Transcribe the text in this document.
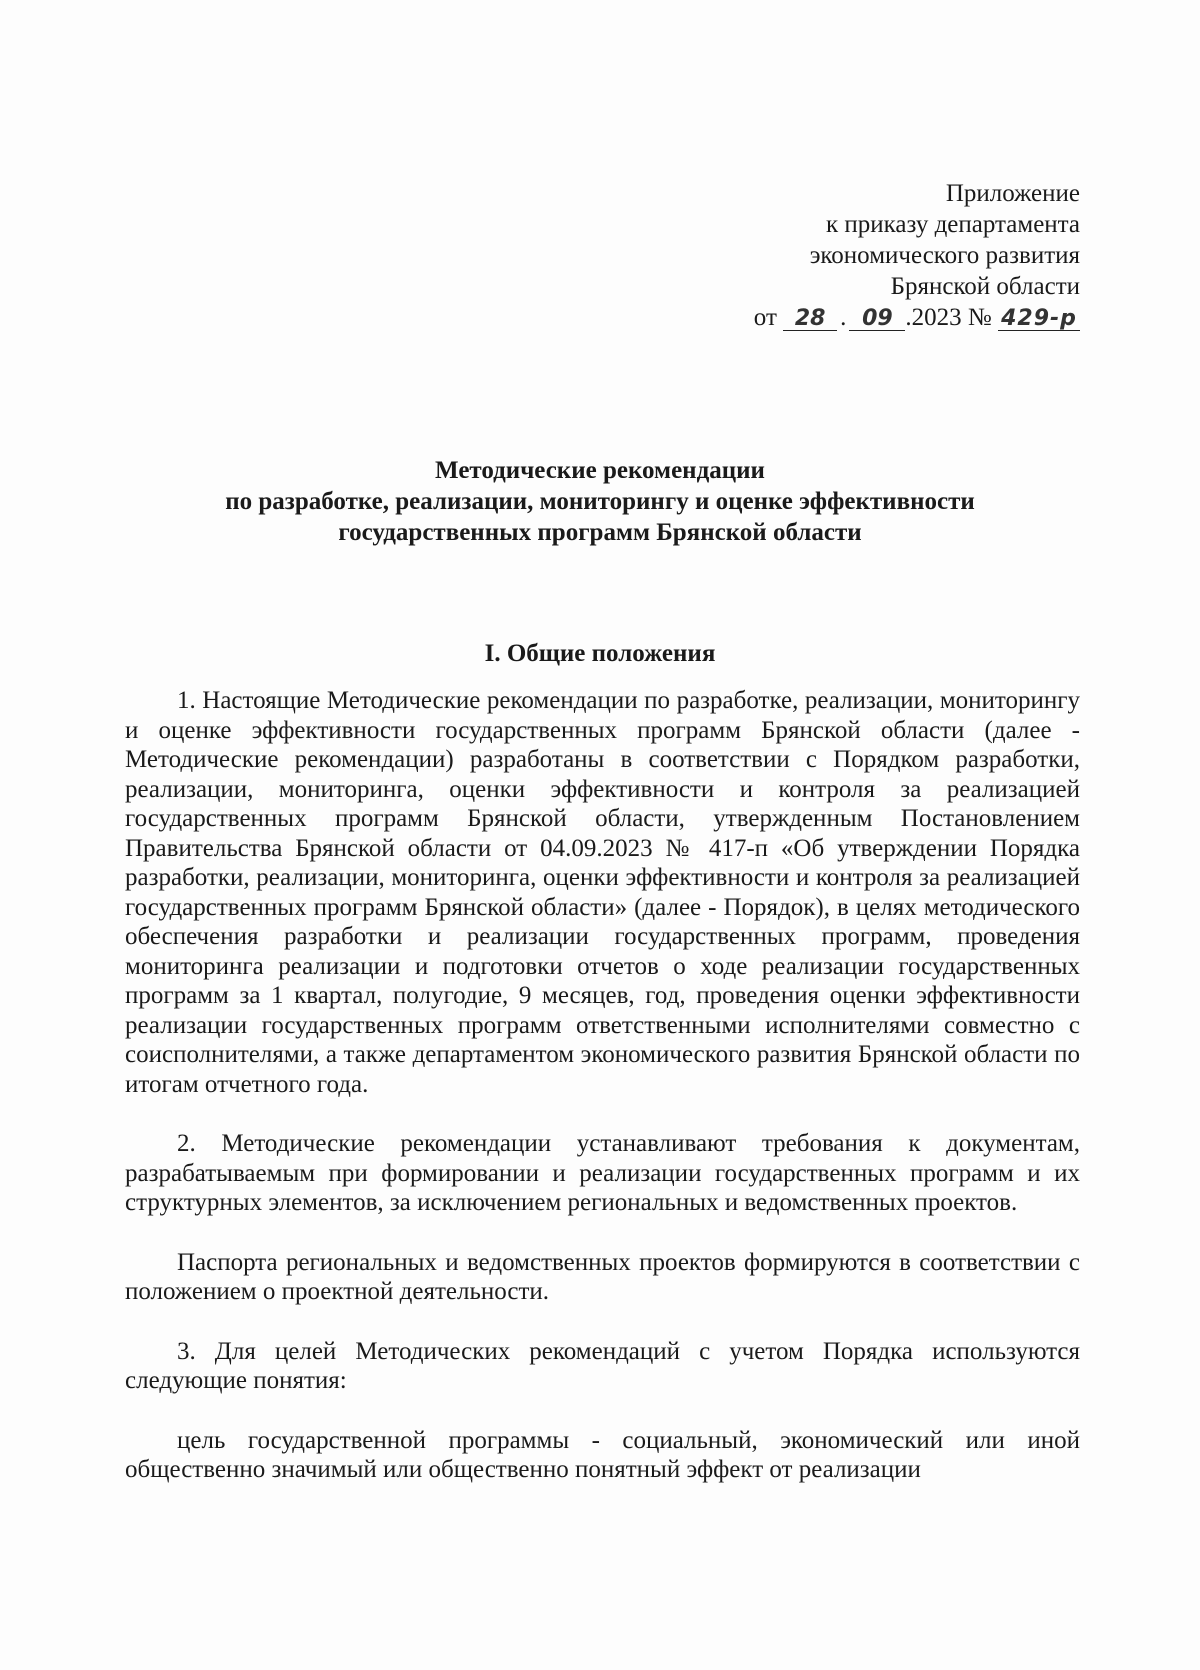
Приложение
к приказу департамента
экономического развития
Брянской области
от 28 . 09 .2023 № 429-р
Методические рекомендации
по разработке, реализации, мониторингу и оценке эффективности
государственных программ Брянской области
I. Общие положения

1. Настоящие Методические рекомендации по разработке, реализации, мониторингу и оценке эффективности государственных программ Брянской области (далее - Методические рекомендации) разработаны в соответствии с Порядком разработки, реализации, мониторинга, оценки эффективности и контроля за реализацией государственных программ Брянской области, утвержденным Постановлением Правительства Брянской области от 04.09.2023 № 417-п «Об утверждении Порядка разработки, реализации, мониторинга, оценки эффективности и контроля за реализацией государственных программ Брянской области» (далее - Порядок), в целях методического обеспечения разработки и реализации государственных программ, проведения мониторинга реализации и подготовки отчетов о ходе реализации государственных программ за 1 квартал, полугодие, 9 месяцев, год, проведения оценки эффективности реализации государственных программ ответственными исполнителями совместно с соисполнителями, а также департаментом экономического развития Брянской области по итогам отчетного года.

2. Методические рекомендации устанавливают требования к документам, разрабатываемым при формировании и реализации государственных программ и их структурных элементов, за исключением региональных и ведомственных проектов.

Паспорта региональных и ведомственных проектов формируются в соответствии с положением о проектной деятельности.

3. Для целей Методических рекомендаций с учетом Порядка используются следующие понятия:

цель государственной программы - социальный, экономический или иной общественно значимый или общественно понятный эффект от реализации
